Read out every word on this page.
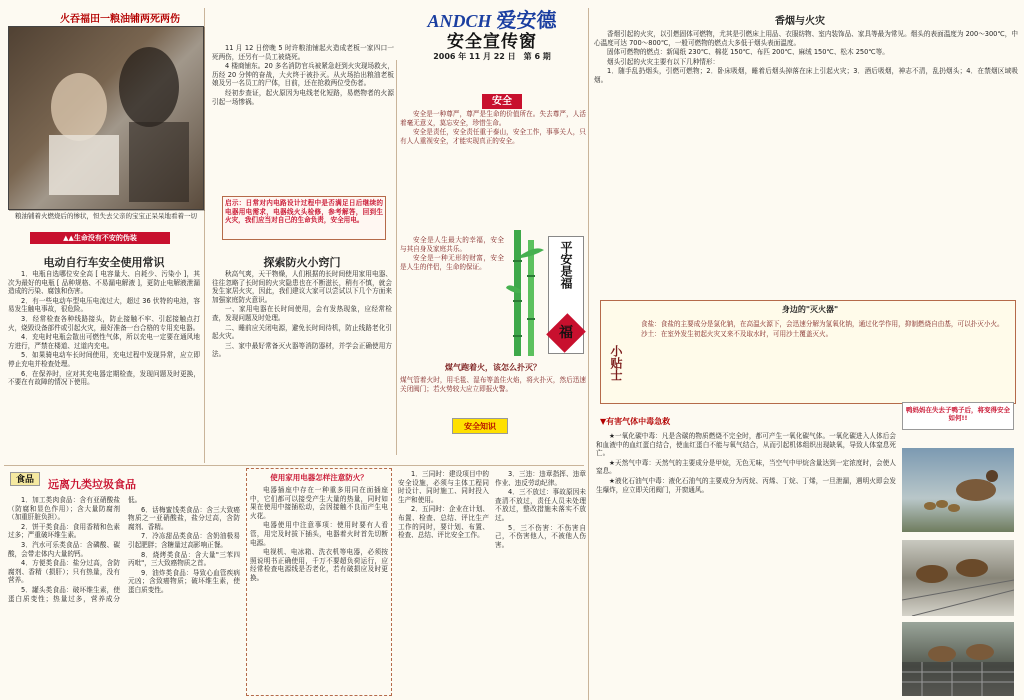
ANDCH 爱安德
安全宣传窗
2006 年 11 月 22 日　第 6 期
火吞福田一粮油铺两死两伤
粮油铺着火燃烧后的惨状，怛失去父亲的宝宝正呆呆地看着一切
▲▲生命没有不安的伪装

11 月 12 日傍晚 5 时许粮油铺起火造成老板一家四口一死两伤，还另有一员工被烧死。

4 楼商铺东。20 多名消防官兵被紧急赶到火灾现场救火，历经 20 分钟的奋战，大火终于被扑灭。从火场抬出粮油老板娘及另一名员工的尸体，目前，还在抢救两位受伤者。

经初步查证，起火原因为电线老化短路，易燃物者的火源引起一场惨祸。

启示：日常对内电路设计过程中是否满足日后继续的电器用电需求，电器线火头检修，参考解答，回到生火灾，我们应当对自己的生命负责，安全用电。
电动自行车安全使用常识

1．电瓶自选哪位安全高 [ 电容量大、自耗少、污染小 ]，其次为最好的电瓶 [ 品种规格、不易漏电解液 ]，更防止电解液泄漏造成的污染、腐蚀和伤害。

2．有一些电动车型电压电流过大，超过 36 伏特的电池，容易发生触电事故，很危险。

3．经常检查各种线路接头，防止接触不牢、引起接触点打火，烧毁设备部件或引起火灾，最好准备一台合格的专用充电器。

4．充电时电瓶会散出可燃性气体，所以充电一定要在通风地方进行，严禁在楼道、过道内充电。

5．如果骑电动车长时间使用，充电过程中发现异常，应立即停止充电并检查处理。

6．在保养时，应对其充电器定期检查，发现问题及时更换，不要在有故障的情况下使用。

探索防火小窍门

秋高气爽，天干物燥，人们根据的长时间使用家用电器、往往忽略了长时间的火灾隐患也在不断滋长，稍有不慎，就会发生家居火灾，因此，我们建议大家可以尝试以下几个方面来加强家庭防火意识。

一、家用电器在长时间使用，会有发热现象，应经常检查，发现问题及时处理。

二、睡前应关闭电源，避免长时间待机，防止线路老化引起火灾。

三、家中最好常备灭火器等消防器材，并学会正确使用方法。

安全

安全是一种尊严，尊严是生命的价值所在。失去尊严，人活着毫无意义，莫忘安全，珍惜生命。

安全是责任，安全责任重于泰山，安全工作，事事关人，只有人人重视安全，才能实现真正的安全。

安全是人生最大的幸福，安全与其自身及家庭共乐。

安全是一种无形的财富，安全是人生的伴侣，生命的保证。	平安是福
福
煤气跑着火，该怎么扑灭？
煤气管着火时，用毛毯、湿布等盖住火焰，将火扑灭，然后迅速关闭阀门；若火势较大应立即报火警。
安全知识
香烟与火灾

香烟引起的火灾，以引燃固体可燃物，尤其是引燃床上用品、衣服纺物、室内装饰品、家具等最为常见。烟头的表面温度为 200～300℃，中心温度可达 700～800℃，一般可燃物的燃点大多低于烟头表面温度。

固体可燃物的燃点：新闻纸 230℃、棉花 150℃、布匹 200℃、麻绒 150℃、松木 250℃等。

烟头引起的火灾主要有以下几种情形：

1．随手乱扔烟头，引燃可燃物；2．卧床吸烟，睡着后烟头掉落在床上引起火灾；3．酒后吸烟，神志不清，乱扔烟头；4．在禁烟区域吸烟。

小贴士
身边的"灭火器"

食盐：食盐的主要成分是氯化钠，在高温火源下，会迅速分解为氢氧化钠，通过化学作用，抑制燃烧自由基，可以扑灭小火。

沙土：在室外发生初起火灾又来不及取水时，可用沙土覆盖灭火。

▼有害气体中毒急救
鸭妈妈在失去子鸭子后，将变得安全如何!!

★一氧化碳中毒：凡是含碳的物质燃烧不完全时，都可产生一氧化碳气体。一氧化碳进入人体后会和血液中的血红蛋白结合，使血红蛋白不能与氧气结合，从而引起机体组织出现缺氧，导致人体窒息死亡。

★天然气中毒：天然气的主要成分是甲烷，无色无味，当空气中甲烷含量达到一定浓度时，会使人窒息。

★液化石油气中毒：液化石油气的主要成分为丙烷、丙烯、丁烷、丁烯，一旦泄漏，遇明火即会发生爆炸，应立即关闭阀门，开窗通风。

食品	远离九类垃圾食品

1．加工类肉食品：含有亚硝酸盐（防腐和显色作用）；含大量防腐剂（加重肝脏负担）。

2．饼干类食品：食用香精和色素过多；严重破坏维生素。

3．汽水可乐类食品：含磷酸、碳酸，会带走体内大量的钙。

4．方便类食品：盐分过高，含防腐剂、香精（损肝）；只有热量，没有营养。

5．罐头类食品：破坏维生素，使蛋白质变性；热量过多，营养成分低。

6．话梅蜜饯类食品：含三大致癌物质之一亚硝酸盐，盐分过高，含防腐剂、香精。

7．冷冻甜品类食品：含奶油极易引起肥胖；含糖量过高影响正餐。

8．烧烤类食品：含大量"三苯四丙吡"，三大致癌物质之首。

9．油炸类食品：导致心血管疾病元凶；含致癌物质；破坏维生素，使蛋白质变性。

使用家用电器怎样注意防火？

电器插座中存在一种重多用同在面插座中，它们都可以接受产生大量的热量，同时如果在使用中接插松动，会因接触不良而产生电火花。

电器使用中注意事项：使用时要有人看管，用完及时拔下插头，电器着火时首先切断电源。

电视机、电冰箱、洗衣机等电器，必须按照说明书正确使用，千万不要超负荷运行，应经常检查电源线是否老化，若有破损应及时更换。

1．三同时：建设项目中的安全设施，必须与主体工程同时设计、同时施工、同时投入生产和使用。

2．五同时：企业在计划、布置、检查、总结、评比生产工作的同时，要计划、布置、检查、总结、评比安全工作。

3．三违：违章指挥、违章作业、违反劳动纪律。

4．三不放过：事故原因未查清不放过，责任人员未处理不放过，整改措施未落实不放过。

5．三不伤害：不伤害自己，不伤害他人，不被他人伤害。
